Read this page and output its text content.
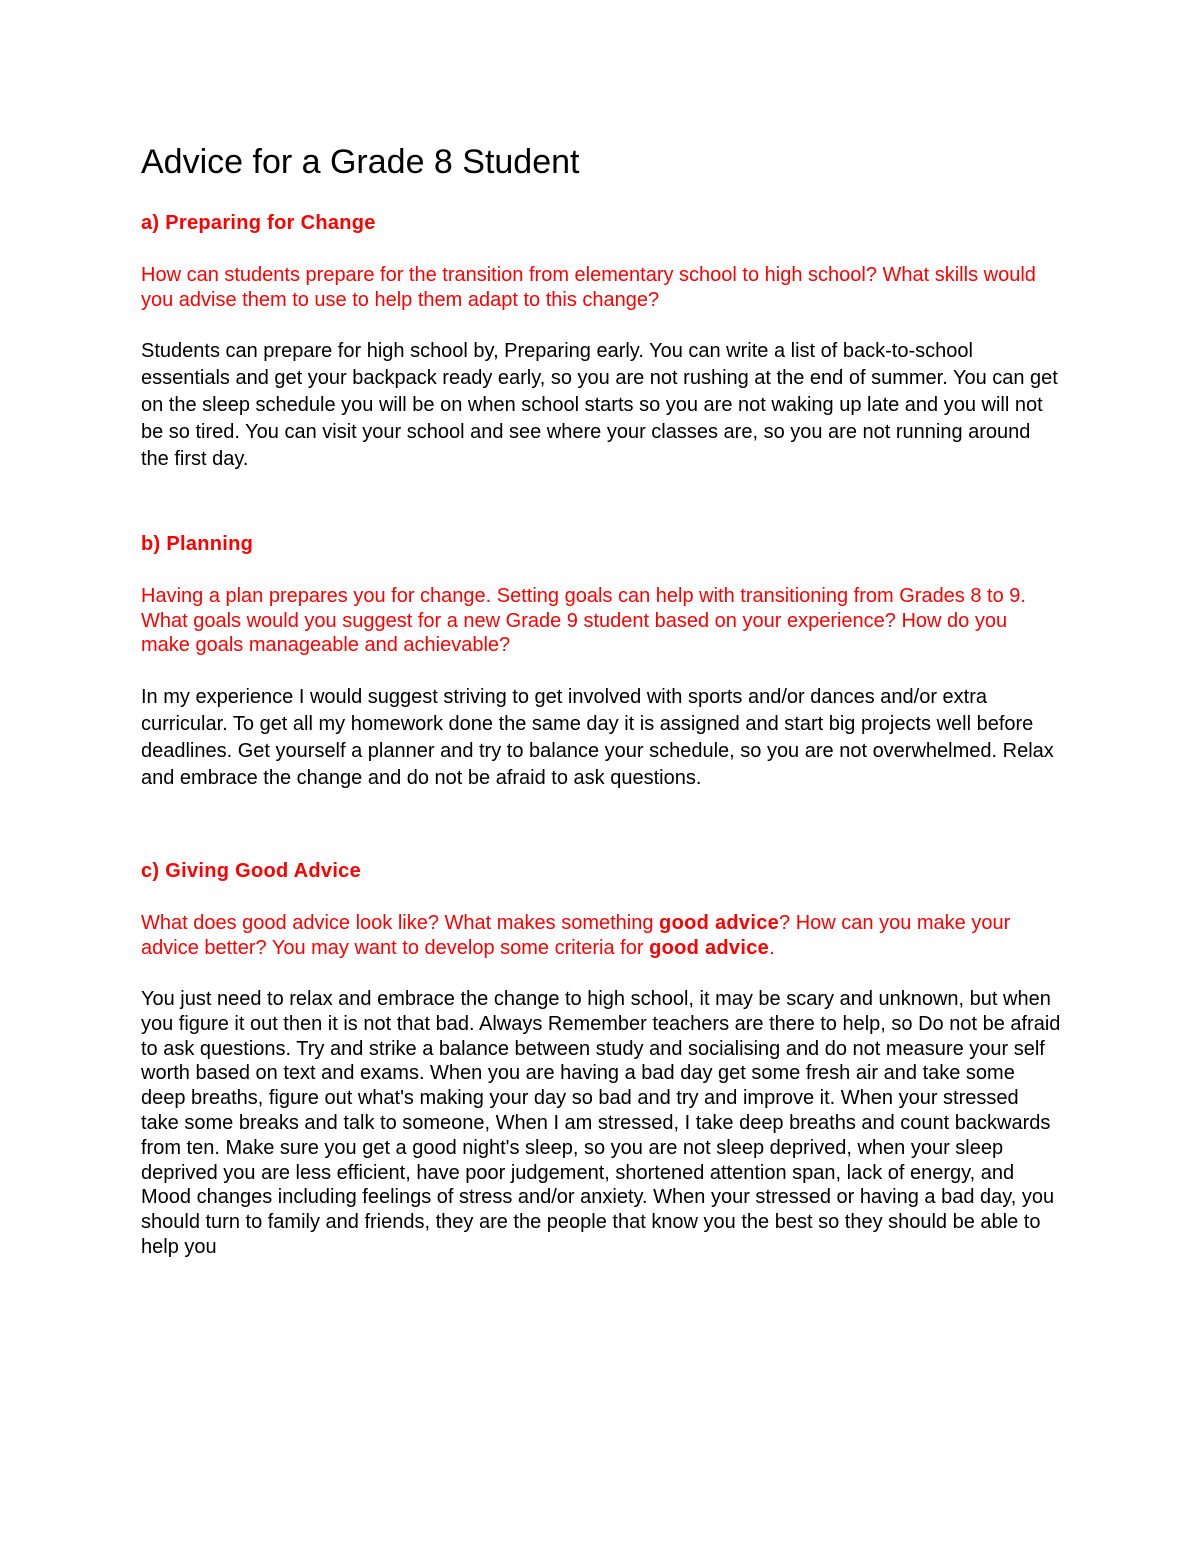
Advice for a Grade 8 Student
a) Preparing for Change

How can students prepare for the transition from elementary school to high school? What skills would you advise them to use to help them adapt to this change?

Students can prepare for high school by, Preparing early. You can write a list of back-to-school essentials and get your backpack ready early, so you are not rushing at the end of summer. You can get on the sleep schedule you will be on when school starts so you are not waking up late and you will not be so tired. You can visit your school and see where your classes are, so you are not running around the first day.

b) Planning

Having a plan prepares you for change. Setting goals can help with transitioning from Grades 8 to 9. What goals would you suggest for a new Grade 9 student based on your experience? How do you make goals manageable and achievable?

In my experience I would suggest striving to get involved with sports and/or dances and/or extra curricular. To get all my homework done the same day it is assigned and start big projects well before deadlines. Get yourself a planner and try to balance your schedule, so you are not overwhelmed. Relax and embrace the change and do not be afraid to ask questions.

c) Giving Good Advice

What does good advice look like? What makes something good advice? How can you make your advice better? You may want to develop some criteria for good advice.

You just need to relax and embrace the change to high school, it may be scary and unknown, but when you figure it out then it is not that bad. Always Remember teachers are there to help, so Do not be afraid to ask questions. Try and strike a balance between study and socialising and do not measure your self worth based on text and exams. When you are having a bad day get some fresh air and take some deep breaths, figure out what's making your day so bad and try and improve it. When your stressed take some breaks and talk to someone, When I am stressed, I take deep breaths and count backwards from ten. Make sure you get a good night's sleep, so you are not sleep deprived, when your sleep deprived you are less efficient, have poor judgement, shortened attention span, lack of energy, and Mood changes including feelings of stress and/or anxiety. When your stressed or having a bad day, you should turn to family and friends, they are the people that know you the best so they should be able to help you
